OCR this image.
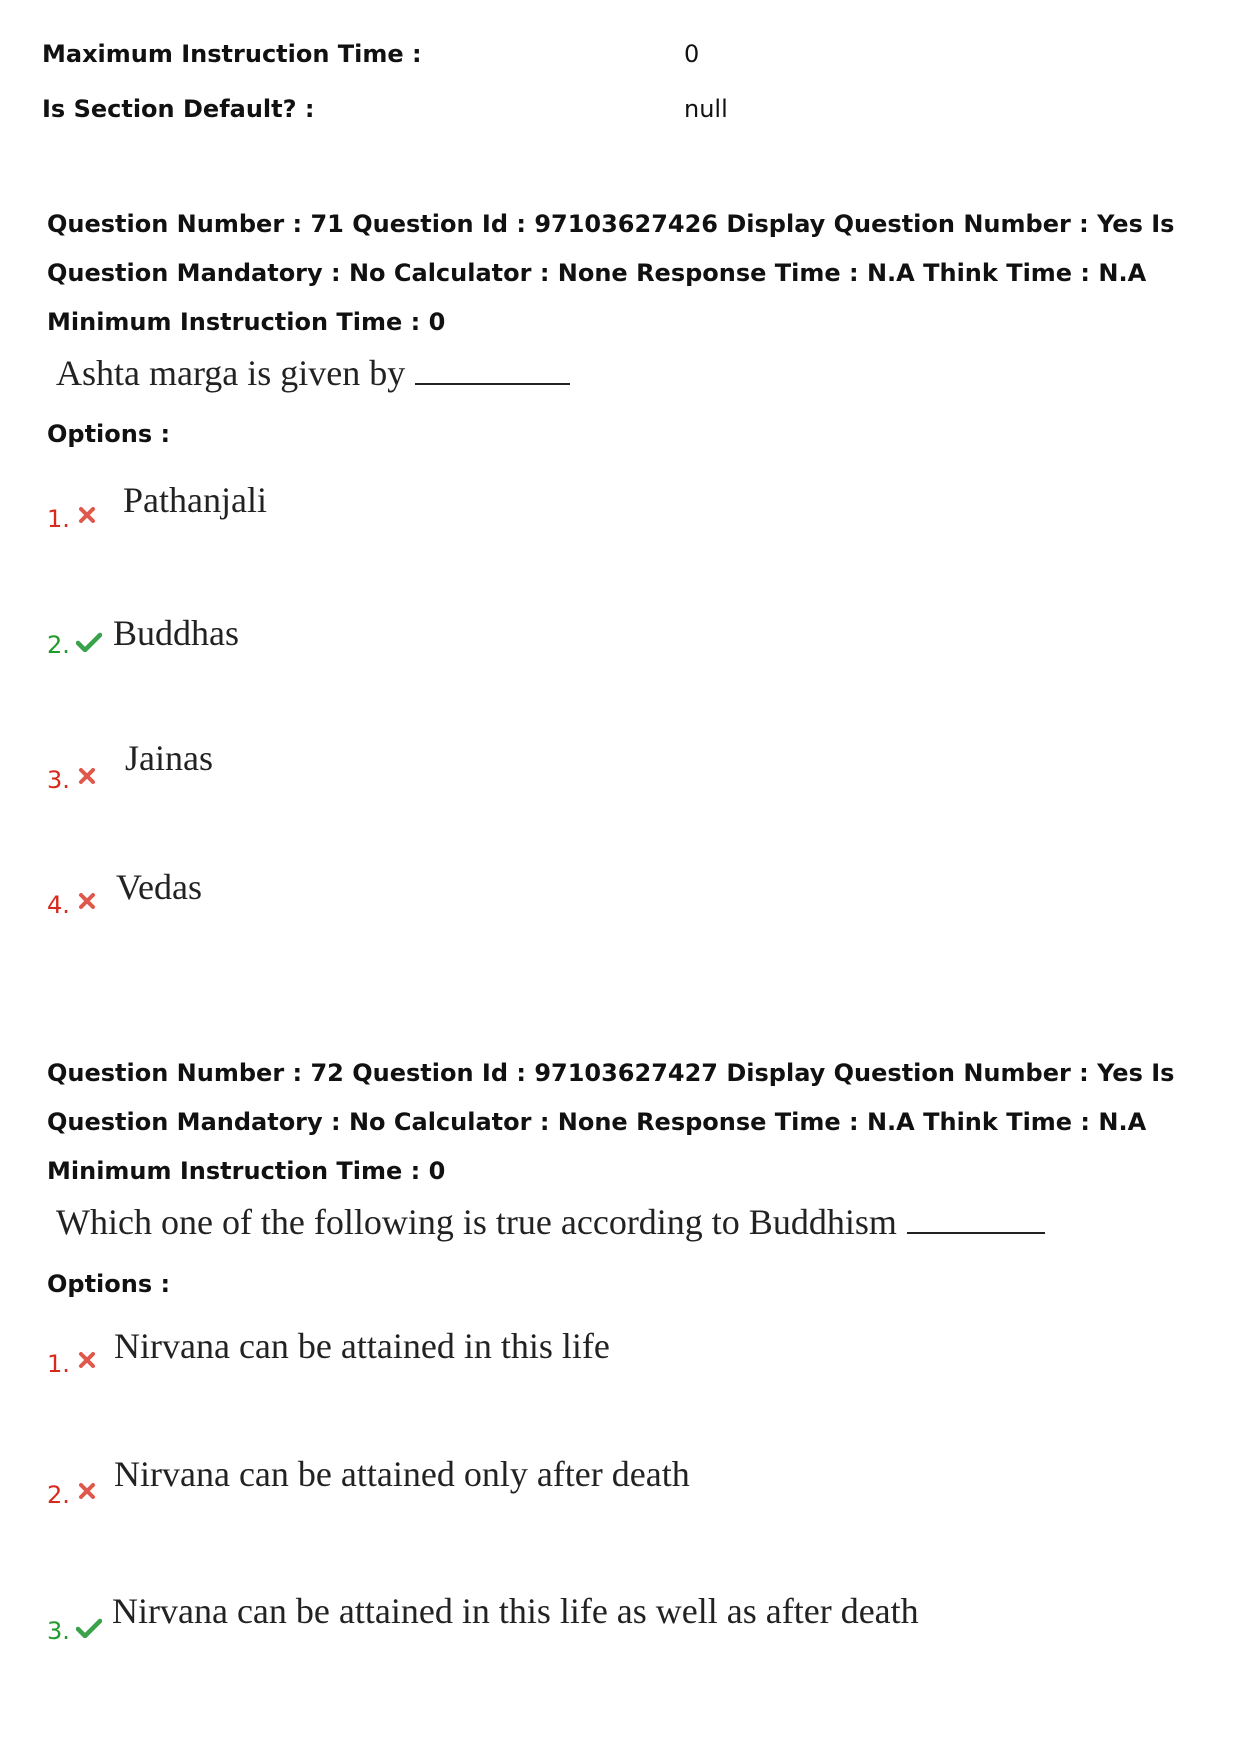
Maximum Instruction Time :	0
Is Section Default? :	null
Question Number : 71 Question Id : 97103627426 Display Question Number : Yes Is Question Mandatory : No Calculator : None Response Time : N.A Think Time : N.A Minimum Instruction Time : 0
Ashta marga is given by
Options :
1. Pathanjali
2. Buddhas
3.
Jainas
4. Vedas
Question Number : 72 Question Id : 97103627427 Display Question Number : Yes Is Question Mandatory : No Calculator : None Response Time : N.A Think Time : N.A Minimum Instruction Time : 0
Which one of the following is true according to Buddhism
Options :
1. Nirvana can be attained in this life
2.
Nirvana can be attained only after death
3. Nirvana can be attained in this life as well as after death
